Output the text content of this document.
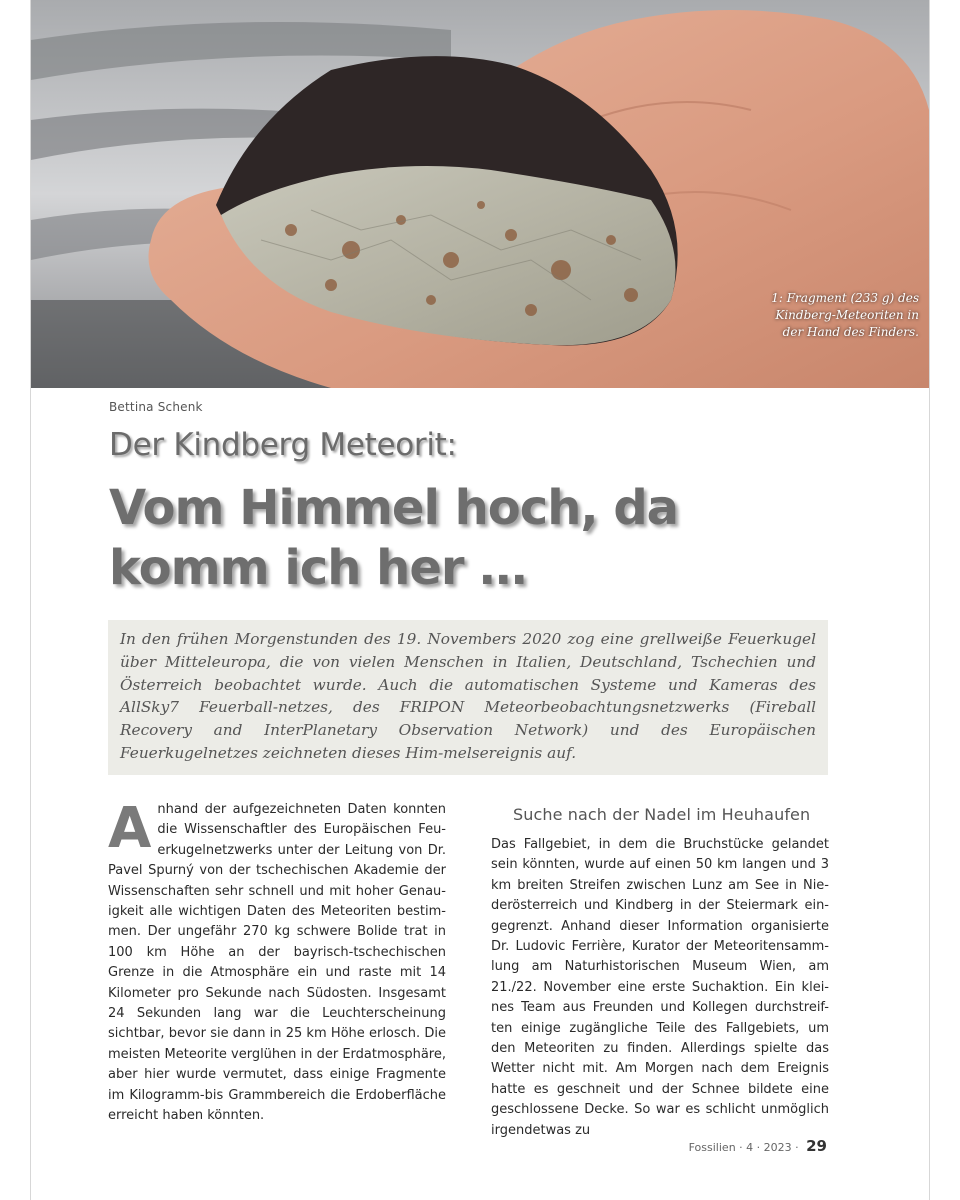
1: Fragment (233 g) des Kindberg-Meteoriten in der Hand des Finders.
Bettina Schenk
Der Kindberg Meteorit:
Vom Himmel hoch, da komm ich her …
In den frühen Morgenstunden des 19. Novembers 2020 zog eine grellweiße Feuerkugel über Mitteleuropa, die von vielen Menschen in Italien, Deutschland, Tschechien und Österreich beobachtet wurde. Auch die automatischen Systeme und Kameras des AllSky7 Feuerball-netzes, des FRIPON Meteorbeobachtungsnetzwerks (Fireball Recovery and InterPlanetary Observation Network) und des Europäischen Feuerkugelnetzes zeichneten dieses Him-melsereignis auf.
A nhand der aufgezeichneten Daten konnten die Wissenschaftler des Europäischen Feu-erkugelnetzwerks unter der Leitung von Dr. Pavel Spurný von der tschechischen Akademie der Wissenschaften sehr schnell und mit hoher Genau-igkeit alle wichtigen Daten des Meteoriten bestim-men. Der ungefähr 270 kg schwere Bolide trat in 100 km Höhe an der bayrisch-tschechischen Grenze in die Atmosphäre ein und raste mit 14 Kilometer pro Sekunde nach Südosten. Insgesamt 24 Sekunden lang war die Leuchterscheinung sichtbar, bevor sie dann in 25 km Höhe erlosch. Die meisten Meteorite verglühen in der Erdatmosphäre, aber hier wurde vermutet, dass einige Fragmente im Kilogramm-bis Grammbereich die Erdoberfläche erreicht haben könnten.
Suche nach der Nadel im Heuhaufen
Das Fallgebiet, in dem die Bruchstücke gelandet sein könnten, wurde auf einen 50 km langen und 3 km breiten Streifen zwischen Lunz am See in Nie-derösterreich und Kindberg in der Steiermark ein-gegrenzt. Anhand dieser Information organisierte Dr. Ludovic Ferrière, Kurator der Meteoritensamm-lung am Naturhistorischen Museum Wien, am 21./22. November eine erste Suchaktion. Ein klei-nes Team aus Freunden und Kollegen durchstreif-ten einige zugängliche Teile des Fallgebiets, um den Meteoriten zu finden. Allerdings spielte das Wetter nicht mit. Am Morgen nach dem Ereignis hatte es geschneit und der Schnee bildete eine geschlossene Decke. So war es schlicht unmöglich irgendetwas zu
Fossilien · 4 · 2023 · 29
